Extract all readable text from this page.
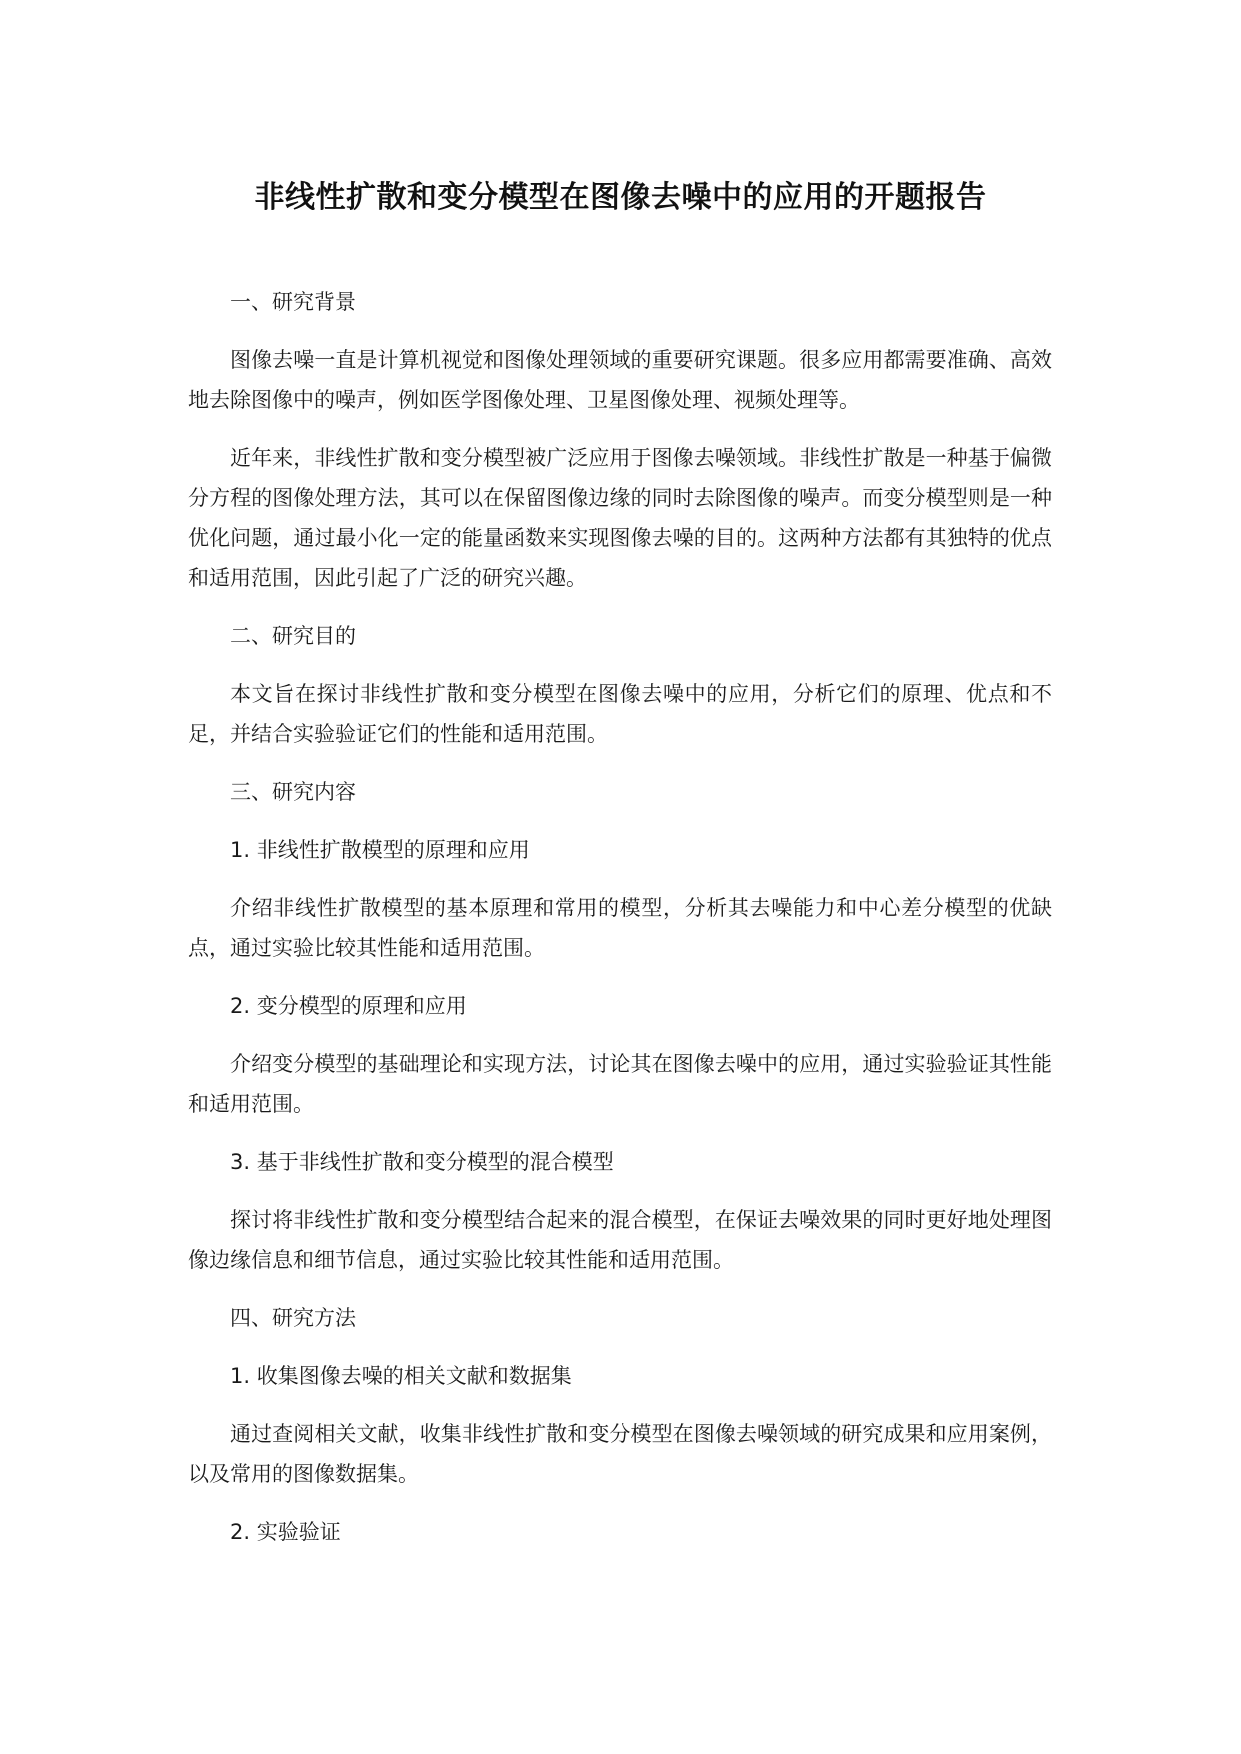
非线性扩散和变分模型在图像去噪中的应用的开题报告

一、研究背景

图像去噪一直是计算机视觉和图像处理领域的重要研究课题。很多应用都需要准确、高效地去除图像中的噪声，例如医学图像处理、卫星图像处理、视频处理等。

近年来，非线性扩散和变分模型被广泛应用于图像去噪领域。非线性扩散是一种基于偏微分方程的图像处理方法，其可以在保留图像边缘的同时去除图像的噪声。而变分模型则是一种优化问题，通过最小化一定的能量函数来实现图像去噪的目的。这两种方法都有其独特的优点和适用范围，因此引起了广泛的研究兴趣。

二、研究目的

本文旨在探讨非线性扩散和变分模型在图像去噪中的应用，分析它们的原理、优点和不足，并结合实验验证它们的性能和适用范围。

三、研究内容

1. 非线性扩散模型的原理和应用

介绍非线性扩散模型的基本原理和常用的模型，分析其去噪能力和中心差分模型的优缺点，通过实验比较其性能和适用范围。

2. 变分模型的原理和应用

介绍变分模型的基础理论和实现方法，讨论其在图像去噪中的应用，通过实验验证其性能和适用范围。

3. 基于非线性扩散和变分模型的混合模型

探讨将非线性扩散和变分模型结合起来的混合模型，在保证去噪效果的同时更好地处理图像边缘信息和细节信息，通过实验比较其性能和适用范围。

四、研究方法

1. 收集图像去噪的相关文献和数据集

通过查阅相关文献，收集非线性扩散和变分模型在图像去噪领域的研究成果和应用案例，以及常用的图像数据集。

2. 实验验证
